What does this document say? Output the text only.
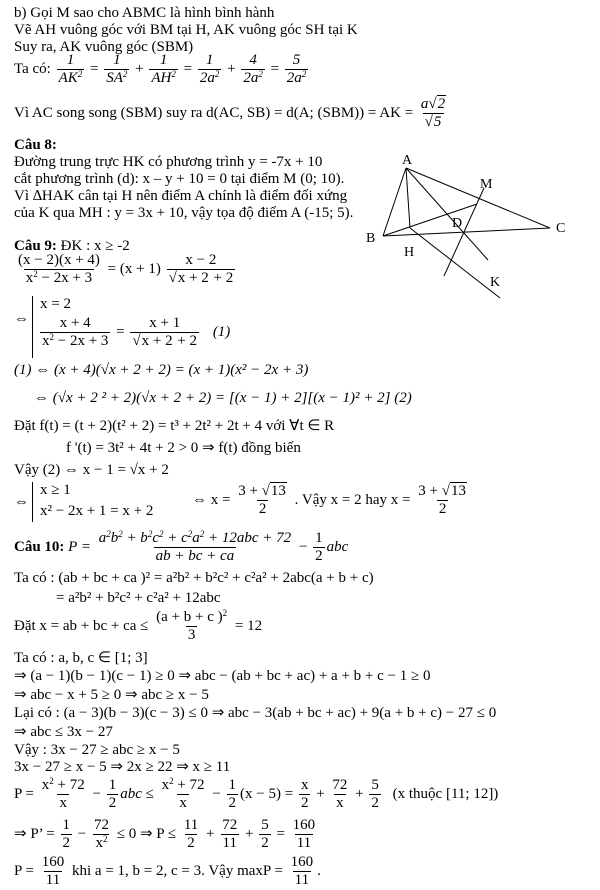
b) Gọi M sao cho ABMC là hình bình hành
Vẽ AH vuông góc với BM tại H, AK vuông góc SH tại K
Suy ra, AK vuông góc (SBM)
Ta có: $\frac{1}{AK^2} = \frac{1}{SA^2} + \frac{1}{AH^2} = \frac{1}{2a^2} + \frac{4}{2a^2} = \frac{5}{2a^2}$
Vì AC song song (SBM) suy ra d(AC, SB) = d(A; (SBM)) = AK = $\frac{a√2}{√5}$
Câu 8:
Đường trung trực HK có phương trình y = -7x + 10
cắt phương trình (d): x – y + 10 = 0 tại điểm M (0; 10).
Vì ∆HAK cân tại H nên điểm A chính là điểm đối xứng
của K qua MH : y = 3x + 10, vậy tọa độ điểm A (-15; 5).
A
M
D	C
B
H
K
Câu 9: ĐK : x ≥ -2
$\frac{(x - 2)(x + 4)}{x^2 - 2x + 3} = (x + 1) \frac{x - 2}{√x + 2 + 2}$
⇔
x = 2
$\frac{x + 4}{x^2 - 2x + 3} = \frac{x + 1}{√x + 2 + 2} (1)$
(1) ⇔ (x + 4)(√x + 2 + 2) = (x + 1)(x² − 2x + 3)
⇔ (√x + 2 ² + 2)(√x + 2 + 2) = [(x − 1) + 2][(x − 1)² + 2] (2)
Đặt f(t) = (t + 2)(t² + 2) = t³ + 2t² + 2t + 4 với ∀t ∈ R
f '(t) = 3t² + 4t + 2 > 0 ⇒ f(t) đồng biến
Vậy (2) ⇔ x − 1 = √x + 2
⇔
x ≥ 1
x² − 2x + 1 = x + 2
⇔ $x = \frac{3 + √13}{2}$ . Vậy x = 2 hay $x = \frac{3 + √13}{2}$
Câu 10: $P = \frac{a^2b^2 + b^2c^2 + c^2a^2 + 12abc + 72}{ab + bc + ca} - \frac{1}{2}$ abc
Ta có : (ab + bc + ca )² = a²b² + b²c² + c²a² + 2abc(a + b + c)
= a²b² + b²c² + c²a² + 12abc
Đặt x = ab + bc + ca ≤ $\frac{(a + b + c )^2}{3} = 12$
Ta có : a, b, c ∈ [1; 3]
⇒ (a − 1)(b − 1)(c − 1) ≥ 0 ⇒ abc − (ab + bc + ac) + a + b + c − 1 ≥ 0
⇒ abc − x + 5 ≥ 0 ⇒ abc ≥ x − 5
Lại có : (a − 3)(b − 3)(c − 3) ≤ 0 ⇒ abc − 3(ab + bc + ac) + 9(a + b + c) − 27 ≤ 0
⇒ abc ≤ 3x − 27
Vậy : 3x − 27 ≥ abc ≥ x − 5
3x − 27 ≥ x − 5 ⇒ 2x ≥ 22 ⇒ x ≥ 11
$P = \frac{x^2 + 72}{x} - \frac{1}{2}$ abc ≤ $\frac{x^2 + 72}{x} - \frac{1}{2} (x - 5) = \frac{x}{2} + \frac{72}{x} + \frac{5}{2} (x$ thuộc [11; 12])
⇒ P’ = $\frac{1}{2} - \frac{72}{x^2} \le 0$ ⇒ $P \le \frac{11}{2} + \frac{72}{11} + \frac{5}{2} = \frac{160}{11}$
$P = \frac{160}{11}$ khi a = 1, b = 2, c = 3. Vậy $\max P = \frac{160}{11}$ .
